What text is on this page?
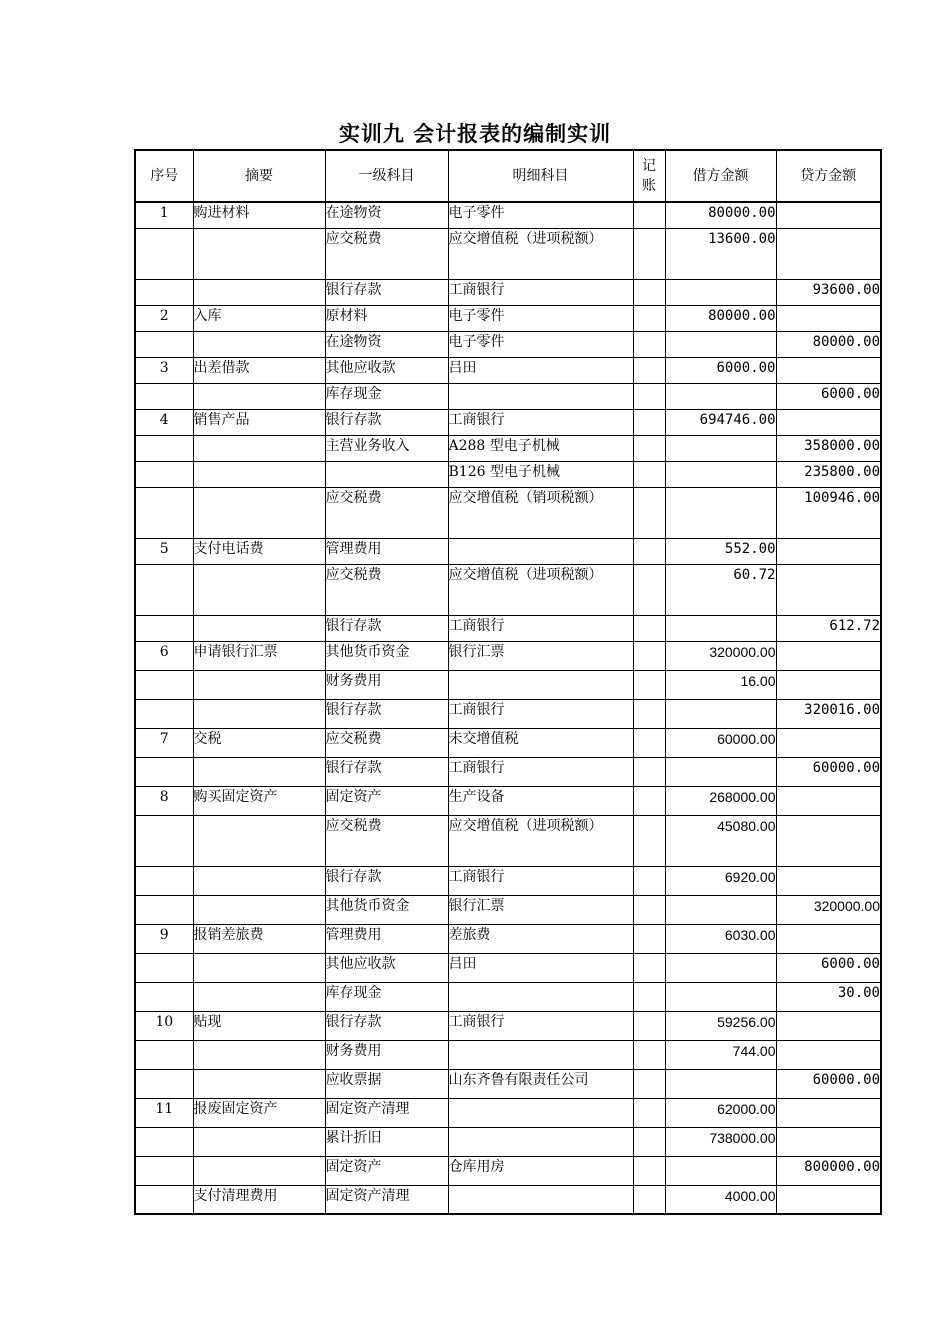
实训九 会计报表的编制实训
序号	摘要	一级科目	明细科目	记账	借方金额	贷方金额
1	购进材料	在途物资	电子零件		80000.00	
		应交税费	应交增值税（进项税额）		13600.00	
		银行存款	工商银行			93600.00
2	入库	原材料	电子零件		80000.00	
		在途物资	电子零件			80000.00
3	出差借款	其他应收款	吕田		6000.00	
		库存现金				6000.00
4	销售产品	银行存款	工商银行		694746.00	
		主营业务收入	A288 型电子机械			358000.00
			B126 型电子机械			235800.00
		应交税费	应交增值税（销项税额）			100946.00
5	支付电话费	管理费用			552.00	
		应交税费	应交增值税（进项税额）		60.72	
		银行存款	工商银行			612.72
6	申请银行汇票	其他货币资金	银行汇票		320000.00	
		财务费用			16.00	
		银行存款	工商银行			320016.00
7	交税	应交税费	未交增值税		60000.00	
		银行存款	工商银行			60000.00
8	购买固定资产	固定资产	生产设备		268000.00	
		应交税费	应交增值税（进项税额）		45080.00	
		银行存款	工商银行		6920.00	
		其他货币资金	银行汇票			320000.00
9	报销差旅费	管理费用	差旅费		6030.00	
		其他应收款	吕田			6000.00
		库存现金				30.00
10	贴现	银行存款	工商银行		59256.00	
		财务费用			744.00	
		应收票据	山东齐鲁有限责任公司			60000.00
11	报废固定资产	固定资产清理			62000.00	
		累计折旧			738000.00	
		固定资产	仓库用房			800000.00
	支付清理费用	固定资产清理			4000.00	
